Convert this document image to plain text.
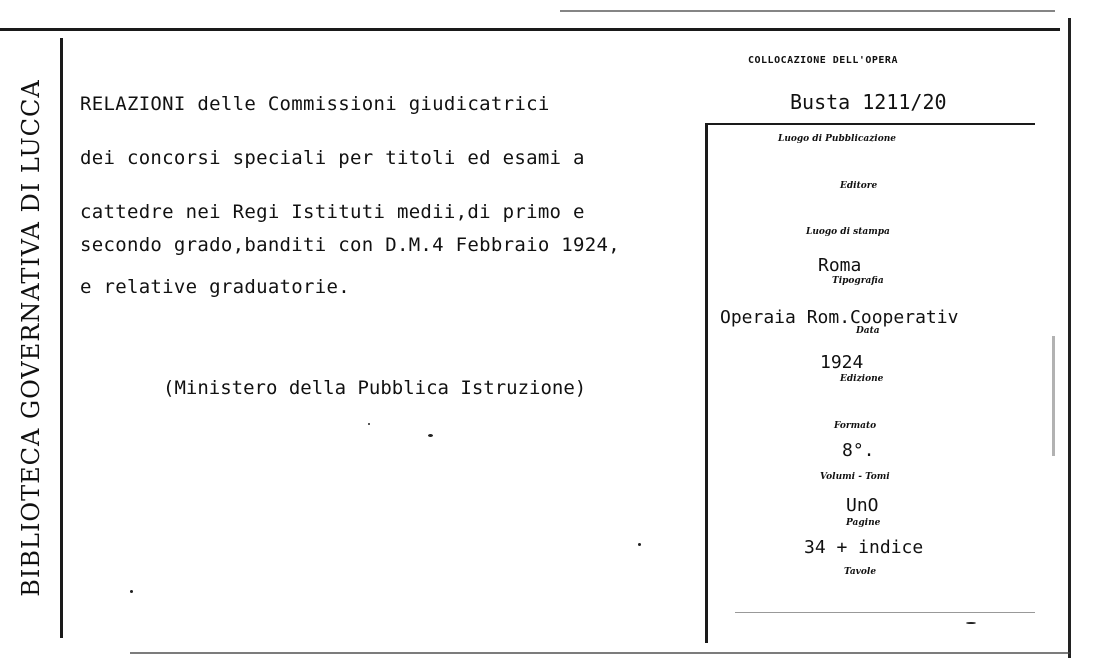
BIBLIOTECA GOVERNATIVA DI LUCCA RELAZIONI delle Commissioni giudicatrici
dei concorsi speciali per titoli ed esami a
cattedre nei Regi Istituti medii,di primo e
secondo grado,banditi con D.M.4 Febbraio 1924,
e relative graduatorie.
(Ministero della Pubblica Istruzione)
COLLOCAZIONE DELL'OPERA
Busta 1211/20
Luogo di Pubblicazione
Editore
Luogo di stampa
Roma
Tipografia
Operaia Rom.Cooperativ
Data
1924
Edizione
Formato
8°.
Volumi - Tomi
UnO
Pagine
34 + indice
Tavole
